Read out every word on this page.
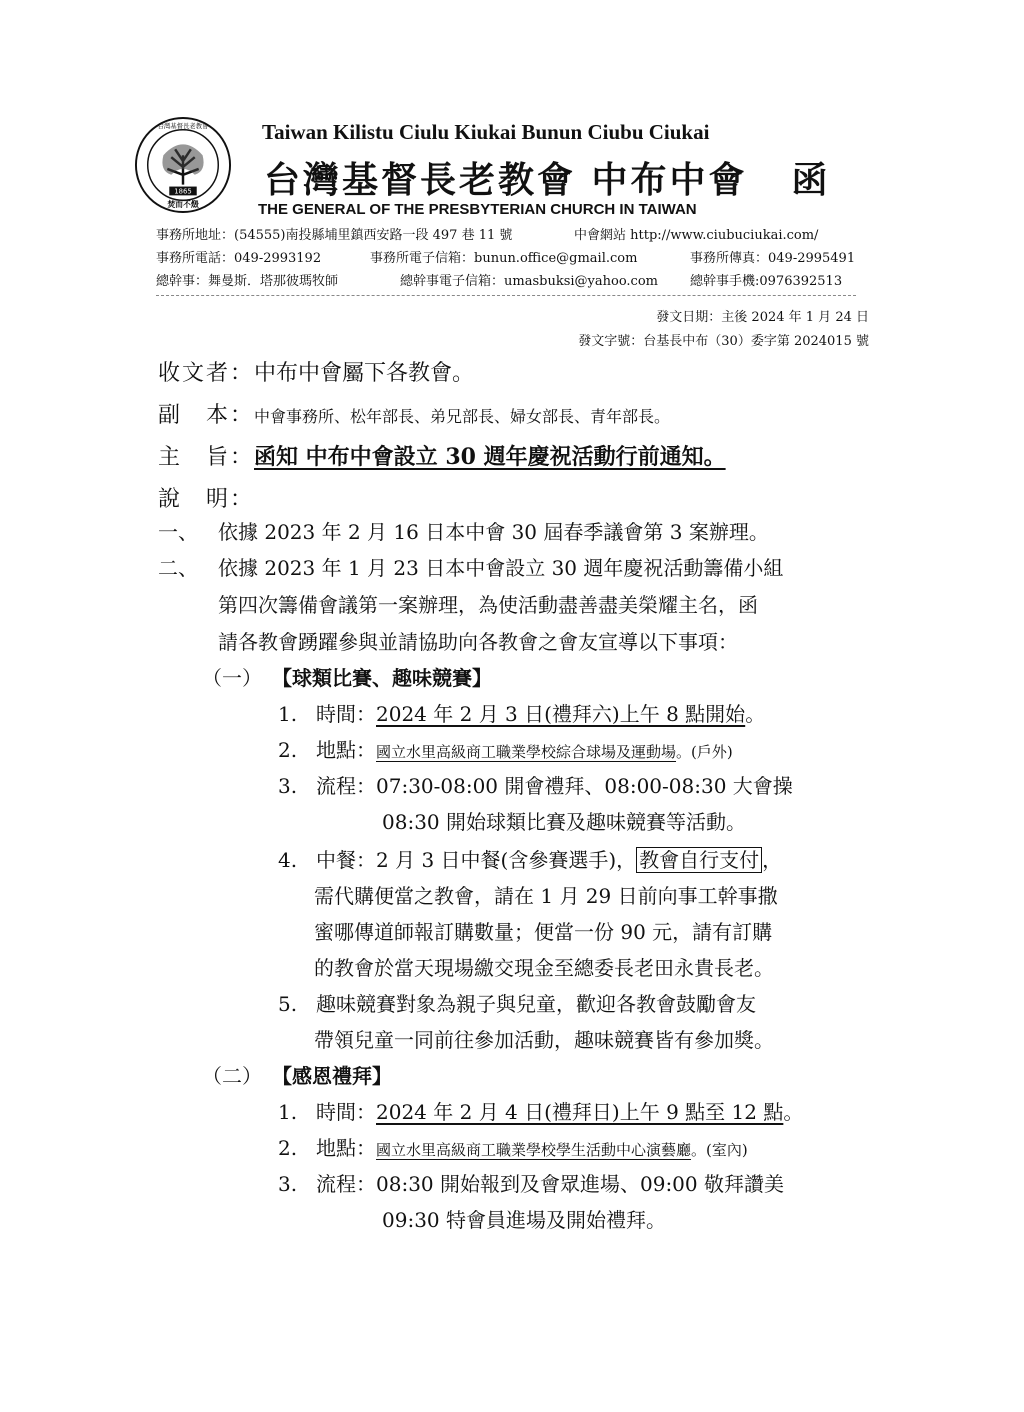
1865
焚而不燬
台灣基督長老教會	Taiwan Kilistu Ciulu Kiukai Bunun Ciubu Ciukai
台灣基督長老教會 中布中會 函
THE GENERAL OF THE PRESBYTERIAN CHURCH IN TAIWAN
事務所地址：(54555)南投縣埔里鎮西安路一段 497 巷 11 號	中會網站 http://www.ciubuciukai.com/
事務所電話：049-2993192	事務所電子信箱：bunun.office@gmail.com	事務所傳真：049-2995491
總幹事：舞曼斯．塔那彼瑪牧師	總幹事電子信箱：umasbuksi@yahoo.com 總幹事手機:0976392513
發文日期：主後 2024 年 1 月 24 日
發文字號：台基長中布（30）委字第 2024015 號
收文者：中布中會屬下各教會。
副　本：中會事務所、松年部長、弟兄部長、婦女部長、青年部長。
主　旨：函知 中布中會設立 30 週年慶祝活動行前通知。
說　明：
一、 依據 2023 年 2 月 16 日本中會 30 屆春季議會第 3 案辦理。
二、 依據 2023 年 1 月 23 日本中會設立 30 週年慶祝活動籌備小組
第四次籌備會議第一案辦理，為使活動盡善盡美榮耀主名，函
請各教會踴躍參與並請協助向各教會之會友宣導以下事項：
（一） 【球類比賽、趣味競賽】
1. 時間：2024 年 2 月 3 日(禮拜六)上午 8 點開始。
2. 地點：國立水里高級商工職業學校綜合球場及運動場。(戶外)
3. 流程：07:30-08:00 開會禮拜、08:00-08:30 大會操
08:30 開始球類比賽及趣味競賽等活動。
4. 中餐：2 月 3 日中餐(含參賽選手)， 教會自行支付 ，
需代購便當之教會，請在 1 月 29 日前向事工幹事撒
蜜哪傳道師報訂購數量；便當一份 90 元，請有訂購
的教會於當天現場繳交現金至總委長老田永貴長老。
5. 趣味競賽對象為親子與兒童，歡迎各教會鼓勵會友
帶領兒童一同前往參加活動，趣味競賽皆有參加獎。
（二） 【感恩禮拜】
1. 時間：2024 年 2 月 4 日(禮拜日)上午 9 點至 12 點。
2. 地點：國立水里高級商工職業學校學生活動中心演藝廳。(室內)
3. 流程：08:30 開始報到及會眾進場、09:00 敬拜讚美
09:30 特會員進場及開始禮拜。
